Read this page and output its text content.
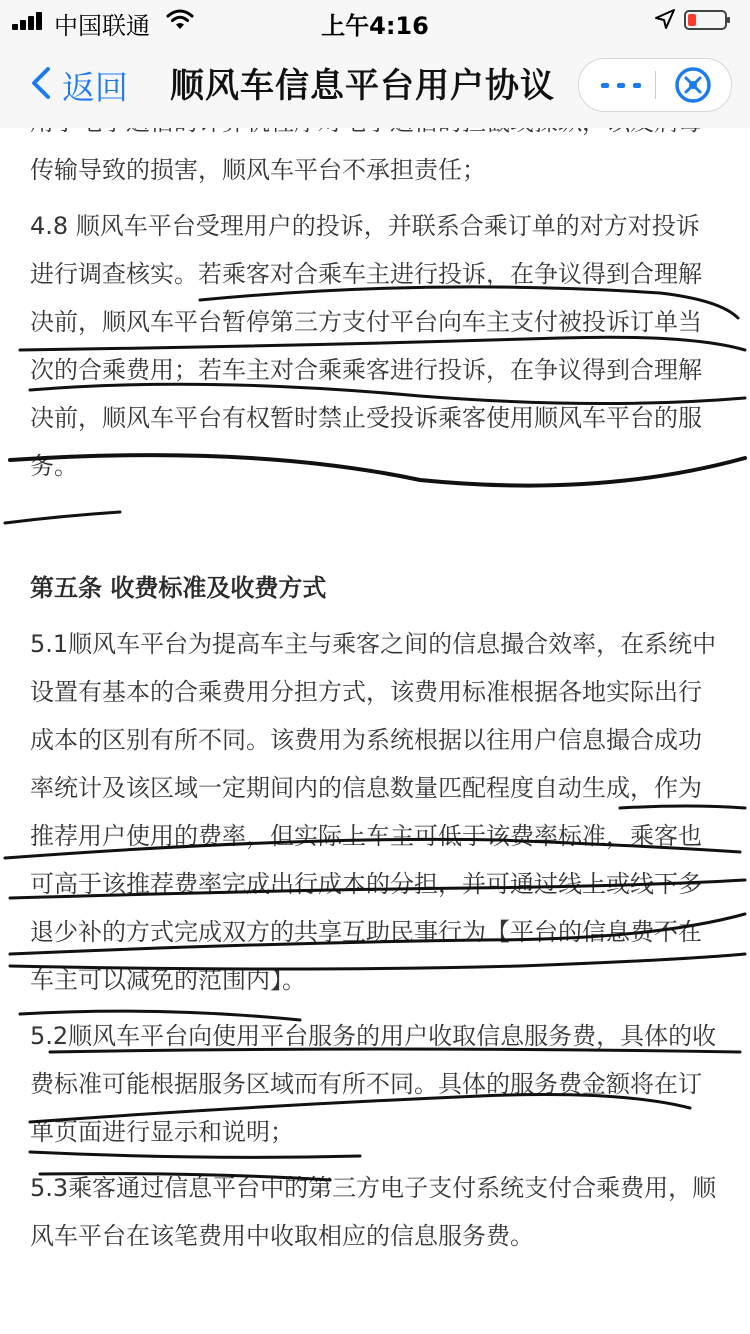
中国联通	上午4:16
返回 顺风车信息平台用户协议

传输导致的损害，顺风车平台不承担责任；

4.8 顺风车平台受理用户的投诉，并联系合乘订单的对方对投诉进行调查核实。若乘客对合乘车主进行投诉，在争议得到合理解决前，顺风车平台暂停第三方支付平台向车主支付被投诉订单当次的合乘费用；若车主对合乘乘客进行投诉，在争议得到合理解决前，顺风车平台有权暂时禁止受投诉乘客使用顺风车平台的服务。

第五条 收费标准及收费方式

5.1顺风车平台为提高车主与乘客之间的信息撮合效率，在系统中设置有基本的合乘费用分担方式，该费用标准根据各地实际出行成本的区别有所不同。该费用为系统根据以往用户信息撮合成功率统计及该区域一定期间内的信息数量匹配程度自动生成，作为推荐用户使用的费率，但实际上车主可低于该费率标准，乘客也可高于该推荐费率完成出行成本的分担，并可通过线上或线下多退少补的方式完成双方的共享互助民事行为【平台的信息费不在车主可以减免的范围内】。

5.2顺风车平台向使用平台服务的用户收取信息服务费，具体的收费标准可能根据服务区域而有所不同。具体的服务费金额将在订单页面进行显示和说明；

5.3乘客通过信息平台中的第三方电子支付系统支付合乘费用，顺风车平台在该笔费用中收取相应的信息服务费。
